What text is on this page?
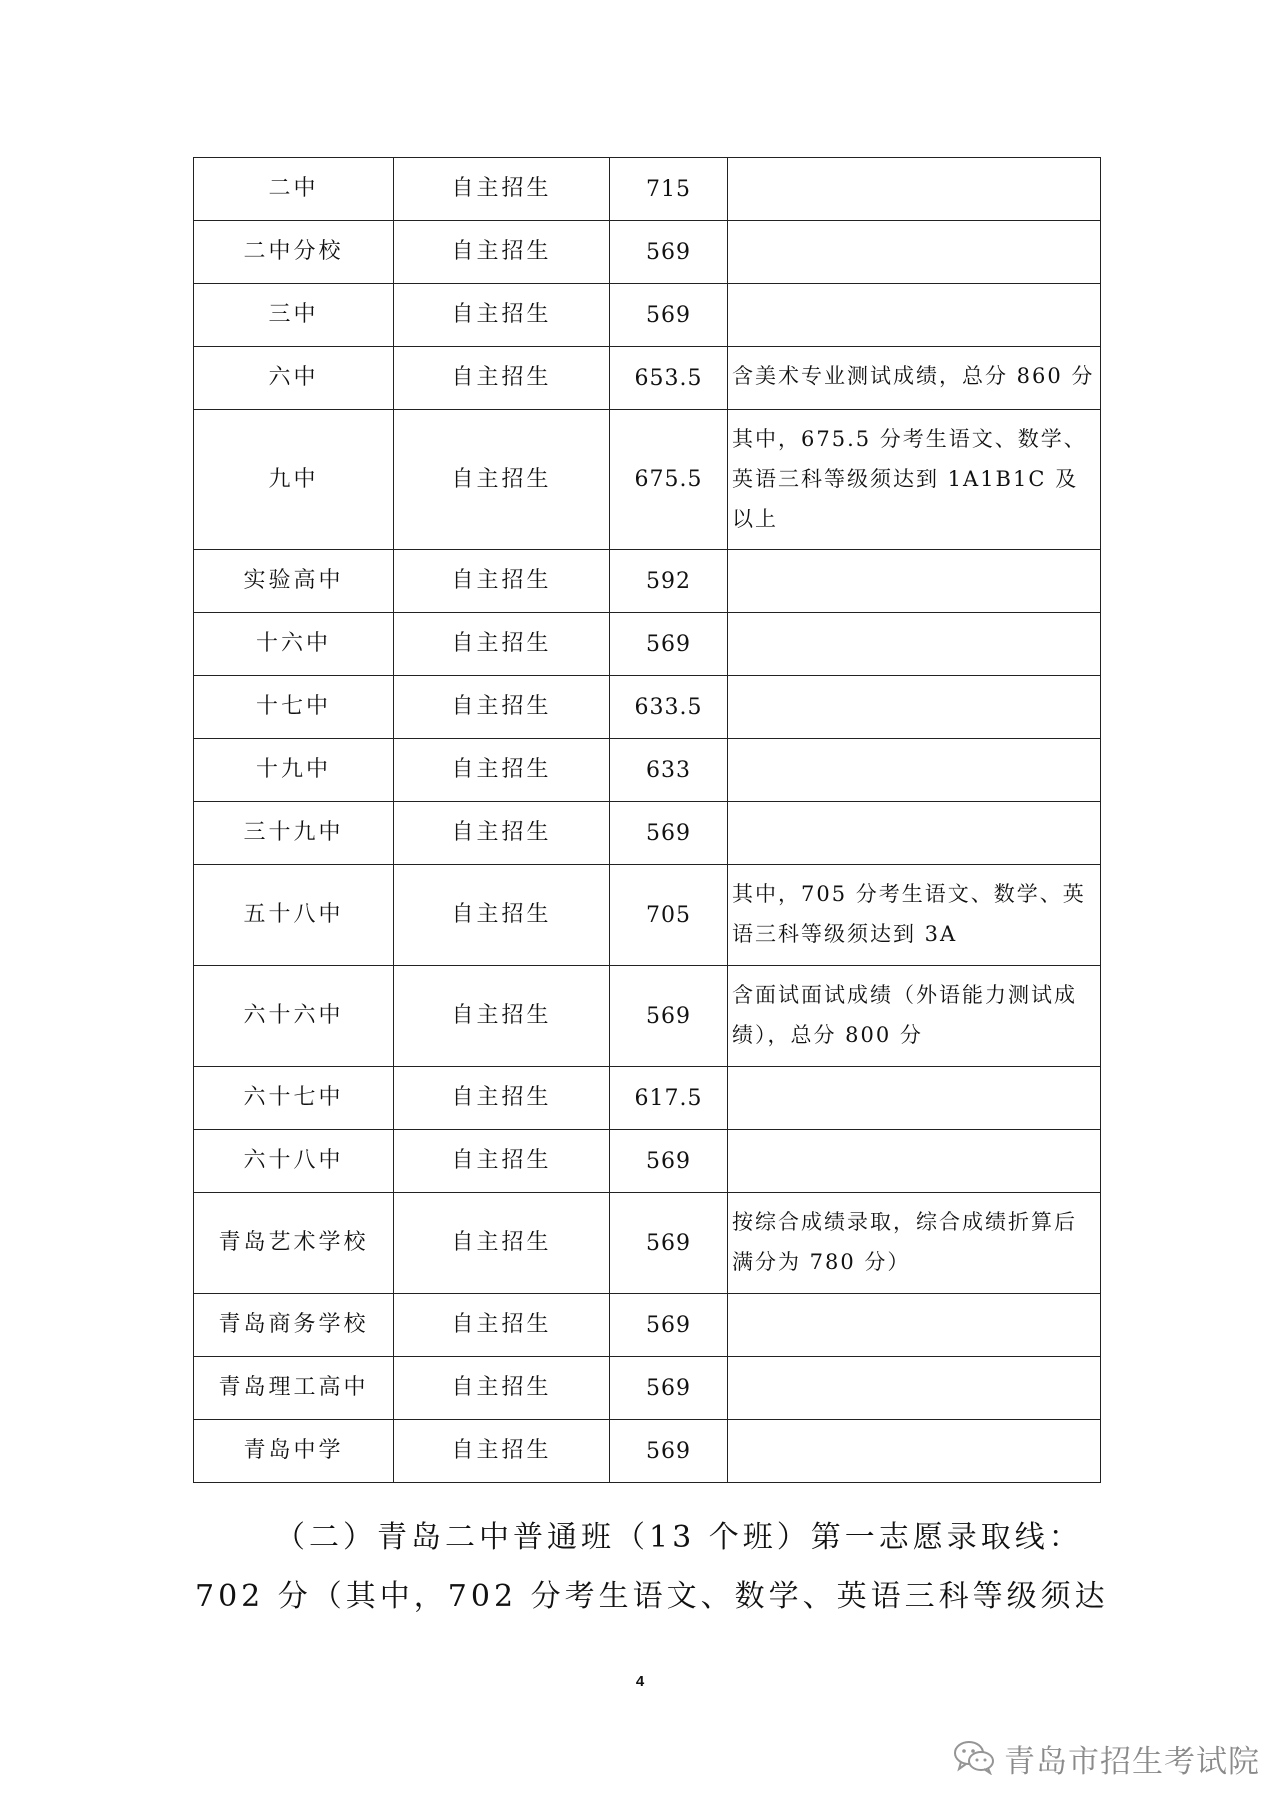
二中	自主招生	715	
二中分校	自主招生	569	
三中	自主招生	569	
六中	自主招生	653.5	含美术专业测试成绩，总分 860 分
九中	自主招生	675.5	其中，675.5 分考生语文、数学、英语三科等级须达到 1A1B1C 及以上
实验高中	自主招生	592	
十六中	自主招生	569	
十七中	自主招生	633.5	
十九中	自主招生	633	
三十九中	自主招生	569	
五十八中	自主招生	705	其中，705 分考生语文、数学、英语三科等级须达到 3A
六十六中	自主招生	569	含面试面试成绩（外语能力测试成绩），总分 800 分
六十七中	自主招生	617.5	
六十八中	自主招生	569	
青岛艺术学校	自主招生	569	按综合成绩录取，综合成绩折算后满分为 780 分）
青岛商务学校	自主招生	569	
青岛理工高中	自主招生	569	
青岛中学	自主招生	569	
（二）青岛二中普通班（13 个班）第一志愿录取线：
702 分（其中，702 分考生语文、数学、英语三科等级须达
4
青岛市招生考试院
